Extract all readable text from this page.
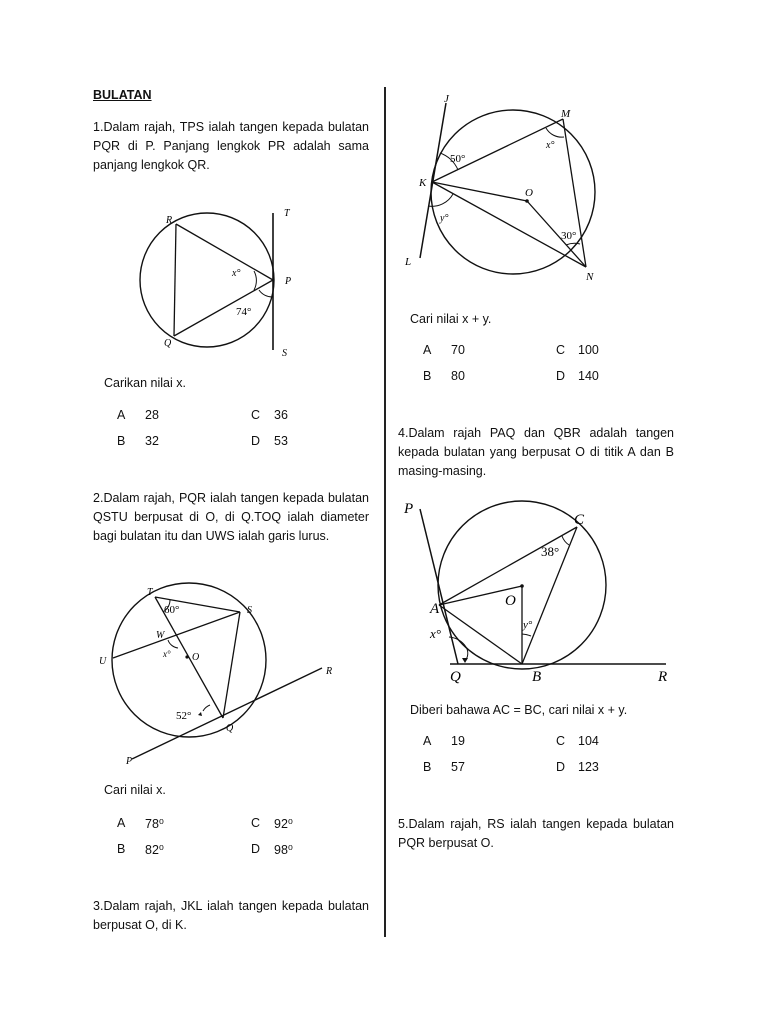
BULATAN
1.Dalam rajah, TPS ialah tangen kepada bulatan PQR di P. Panjang lengkok PR adalah sama panjang lengkok QR.
R
T
P
Q
S
x°
74°
Carikan nilai x.
A 28
B 32
C 36
D 53
2.Dalam rajah, PQR ialah tangen kepada bulatan QSTU berpusat di O, di Q.TOQ ialah diameter bagi bulatan itu dan UWS ialah garis lurus.
T
S
U
W
x° O
R
Q
P
60°
52°
Cari nilai x.
A 78⁰
B 82⁰
C 92⁰
D 98⁰
3.Dalam rajah, JKL ialah tangen kepada bulatan berpusat O, di K.
J
M
x°
50°
K
O
y°
30°
L
N
Cari nilai x + y.
A 70
B 80
C 100
D 140
4.Dalam rajah PAQ dan QBR adalah tangen kepada bulatan yang berpusat O di titik A dan B masing-masing.
P
C
38°
A	O
y°
x°
Q	B	R
Diberi bahawa AC = BC, cari nilai x + y.
A 19
B 57
C 104
D 123
5.Dalam rajah, RS ialah tangen kepada bulatan PQR berpusat O.
